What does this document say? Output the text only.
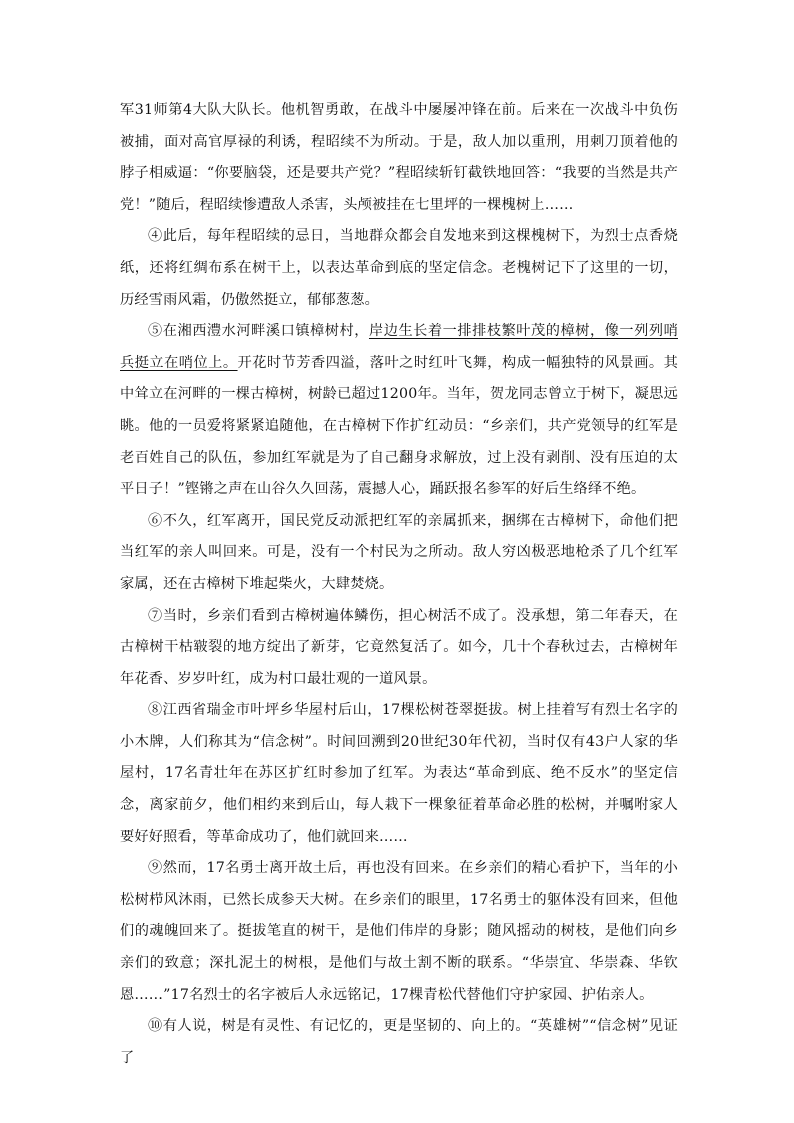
军31师第4大队大队长。他机智勇敢，在战斗中屡屡冲锋在前。后来在一次战斗中负伤被捕，面对高官厚禄的利诱，程昭续不为所动。于是，敌人加以重刑，用刺刀顶着他的脖子相威逼：“你要脑袋，还是要共产党？”程昭续斩钉截铁地回答：“我要的当然是共产党！”随后，程昭续惨遭敌人杀害，头颅被挂在七里坪的一棵槐树上……

④此后，每年程昭续的忌日，当地群众都会自发地来到这棵槐树下，为烈士点香烧纸，还将红绸布系在树干上，以表达革命到底的坚定信念。老槐树记下了这里的一切，历经雪雨风霜，仍傲然挺立，郁郁葱葱。

⑤在湘西澧水河畔溪口镇樟树村，岸边生长着一排排枝繁叶茂的樟树，像一列列哨兵挺立在哨位上。开花时节芳香四溢，落叶之时红叶飞舞，构成一幅独特的风景画。其中耸立在河畔的一棵古樟树，树龄已超过1200年。当年，贺龙同志曾立于树下，凝思远眺。他的一员爱将紧紧追随他，在古樟树下作扩红动员：“乡亲们，共产党领导的红军是老百姓自己的队伍，参加红军就是为了自己翻身求解放，过上没有剥削、没有压迫的太平日子！”铿锵之声在山谷久久回荡，震撼人心，踊跃报名参军的好后生络绎不绝。

⑥不久，红军离开，国民党反动派把红军的亲属抓来，捆绑在古樟树下，命他们把当红军的亲人叫回来。可是，没有一个村民为之所动。敌人穷凶极恶地枪杀了几个红军家属，还在古樟树下堆起柴火，大肆焚烧。

⑦当时，乡亲们看到古樟树遍体鳞伤，担心树活不成了。没承想，第二年春天，在古樟树干枯皲裂的地方绽出了新芽，它竟然复活了。如今，几十个春秋过去，古樟树年年花香、岁岁叶红，成为村口最壮观的一道风景。

⑧江西省瑞金市叶坪乡华屋村后山，17棵松树苍翠挺拔。树上挂着写有烈士名字的小木牌，人们称其为“信念树”。时间回溯到20世纪30年代初，当时仅有43户人家的华屋村，17名青壮年在苏区扩红时参加了红军。为表达“革命到底、绝不反水”的坚定信念，离家前夕，他们相约来到后山，每人栽下一棵象征着革命必胜的松树，并嘱咐家人要好好照看，等革命成功了，他们就回来……

⑨然而，17名勇士离开故土后，再也没有回来。在乡亲们的精心看护下，当年的小松树栉风沐雨，已然长成参天大树。在乡亲们的眼里，17名勇士的躯体没有回来，但他们的魂魄回来了。挺拔笔直的树干，是他们伟岸的身影；随风摇动的树枝，是他们向乡亲们的致意；深扎泥土的树根，是他们与故土割不断的联系。“华崇宜、华崇森、华钦恩……”17名烈士的名字被后人永远铭记，17棵青松代替他们守护家园、护佑亲人。

⑩有人说，树是有灵性、有记忆的，更是坚韧的、向上的。“英雄树”“信念树”见证了
